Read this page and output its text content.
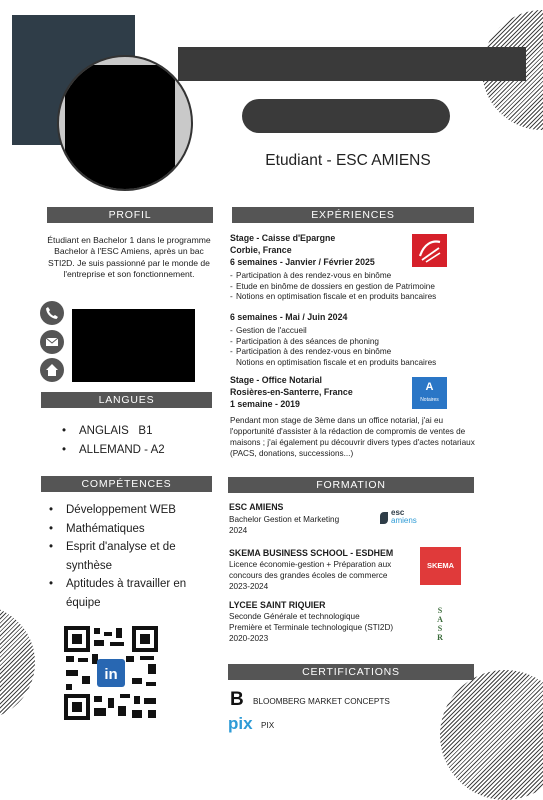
Etudiant - ESC AMIENS
PROFIL
Étudiant en Bachelor 1 dans le programme Bachelor à l'ESC Amiens, après un bac STI2D. Je suis passionné par le monde de l'entreprise et son fonctionnement.
LANGUES
• ANGLAIS   B1
• ALLEMAND - A2
COMPÉTENCES
• Développement WEB
• Mathématiques
• Esprit d'analyse et de synthèse
• Aptitudes à travailler en équipe
in
EXPÉRIENCES
Stage - Caisse d'Epargne
Corbie, France
6 semaines - Janvier / Février 2025
- Participation à des rendez-vous en binôme
- Etude en binôme de dossiers en gestion de Patrimoine
- Notions en optimisation fiscale et en produits bancaires
6 semaines - Mai / Juin 2024
- Gestion de l'accueil
- Participation à des séances de phoning
- Participation à des rendez-vous en binôme
Notions en optimisation fiscale et en produits bancaires
Stage - Office Notarial
Rosières-en-Santerre, France
1 semaine - 2019
A
Notaires
Pendant mon stage de 3ème dans un office notarial, j'ai eu l'opportunité d'assister à la rédaction de compromis de ventes de maisons ; j'ai également pu découvrir divers types d'actes notariaux (PACS, donations, successions...)
FORMATION
ESC AMIENS
Bachelor Gestion et Marketing
2024
esc
amiens
SKEMA BUSINESS SCHOOL - ESDHEM
Licence économie-gestion + Préparation aux concours des grandes écoles de commerce
2023-2024
SKEMA
LYCEE SAINT RIQUIER
Seconde Générale et technologique
Première et Terminale technologique (STI2D)
2020-2023
S A S R
CERTIFICATIONS
B BLOOMBERG MARKET CONCEPTS
pix PIX
